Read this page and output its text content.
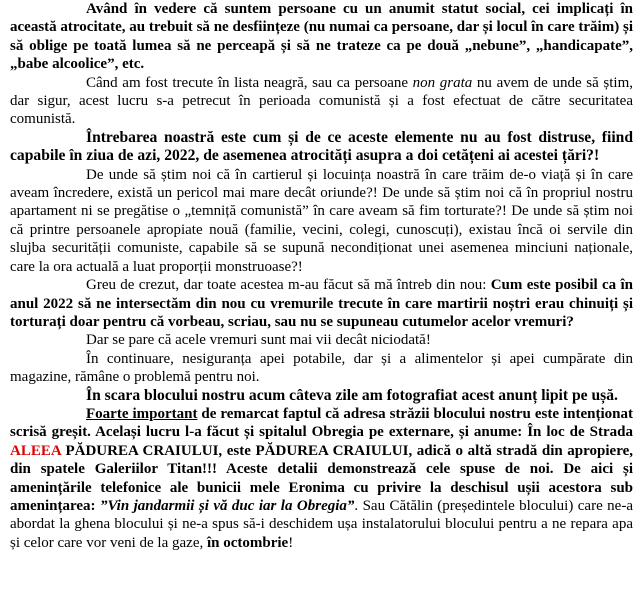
Având în vedere că suntem persoane cu un anumit statut social, cei implicați în această atrocitate, au trebuit să ne desființeze (nu numai ca persoane, dar și locul în care trăim) și să oblige pe toată lumea să ne perceapă și să ne trateze ca pe două „nebune”, „handicapate”, „babe alcoolice”, etc.

Când am fost trecute în lista neagră, sau ca persoane non grata nu avem de unde să știm, dar sigur, acest lucru s-a petrecut în perioada comunistă și a fost efectuat de către securitatea comunistă.

Întrebarea noastră este cum și de ce aceste elemente nu au fost distruse, fiind capabile în ziua de azi, 2022, de asemenea atrocități asupra a doi cetățeni ai acestei țări?!

De unde să știm noi că în cartierul și locuința noastră în care trăim de-o viață și în care aveam încredere, există un pericol mai mare decât oriunde?! De unde să știm noi că în propriul nostru apartament ni se pregătise o „temniță comunistă” în care aveam să fim torturate?! De unde să știm noi că printre persoanele apropiate nouă (familie, vecini, colegi, cunoscuți), existau încă oi servile din slujba securității comuniste, capabile să se supună necondiționat unei asemenea minciuni naționale, care la ora actuală a luat proporții monstruoase?!

Greu de crezut, dar toate acestea m-au făcut să mă întreb din nou: Cum este posibil ca în anul 2022 să ne intersectăm din nou cu vremurile trecute în care martirii noștri erau chinuiți și torturați doar pentru că vorbeau, scriau, sau nu se supuneau cutumelor acelor vremuri?

Dar se pare că acele vremuri sunt mai vii decât niciodată!

În continuare, nesiguranța apei potabile, dar și a alimentelor și apei cumpărate din magazine, rămâne o problemă pentru noi.

În scara blocului nostru acum câteva zile am fotografiat acest anunț lipit pe ușă.

Foarte important de remarcat faptul că adresa străzii blocului nostru este intenționat scrisă greșit. Același lucru l-a făcut și spitalul Obregia pe externare, și anume: În loc de Strada ALEEA PĂDUREA CRAIULUI, este PĂDUREA CRAIULUI, adică o altă stradă din apropiere, din spatele Galeriilor Titan!!! Aceste detalii demonstrează cele spuse de noi. De aici și amenințările telefonice ale bunicii mele Eronima cu privire la deschisul ușii acestora sub amenințarea: ”Vin jandarmii și vă duc iar la Obregia”. Sau Cătălin (președintele blocului) care ne-a abordat la ghena blocului și ne-a spus să-i deschidem ușa instalatorului blocului pentru a ne repara apa și celor care vor veni de la gaze, în octombrie!
